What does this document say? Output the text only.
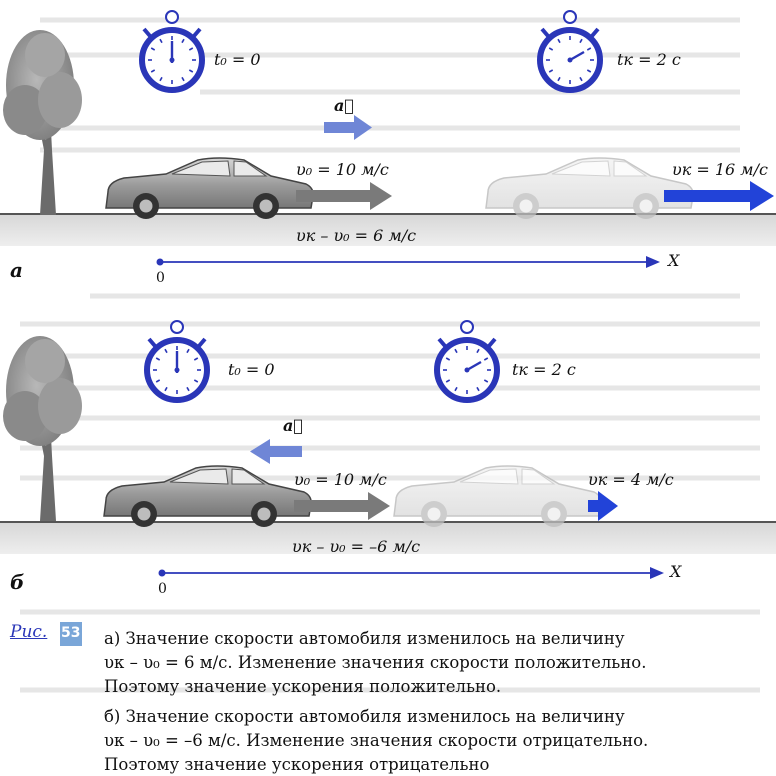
t₀ = 0	tк = 2 с
a⃗
υ₀ = 10 м/с	υк = 16 м/с
υк – υ₀ = 6 м/с
0
X
а
t₀ = 0	tк = 2 с
a⃗
υ₀ = 10 м/с	υк = 4 м/с
υк – υ₀ = –6 м/с
0
X
б
Рис. 53 а) Значение скорости автомобиля изменилось на величину
υк – υ₀ = 6 м/с. Изменение значения скорости положительно.
Поэтому значение ускорения положительно.
б) Значение скорости автомобиля изменилось на величину
υк – υ₀ = –6 м/с. Изменение значения скорости отрицательно.
Поэтому значение ускорения отрицательно
